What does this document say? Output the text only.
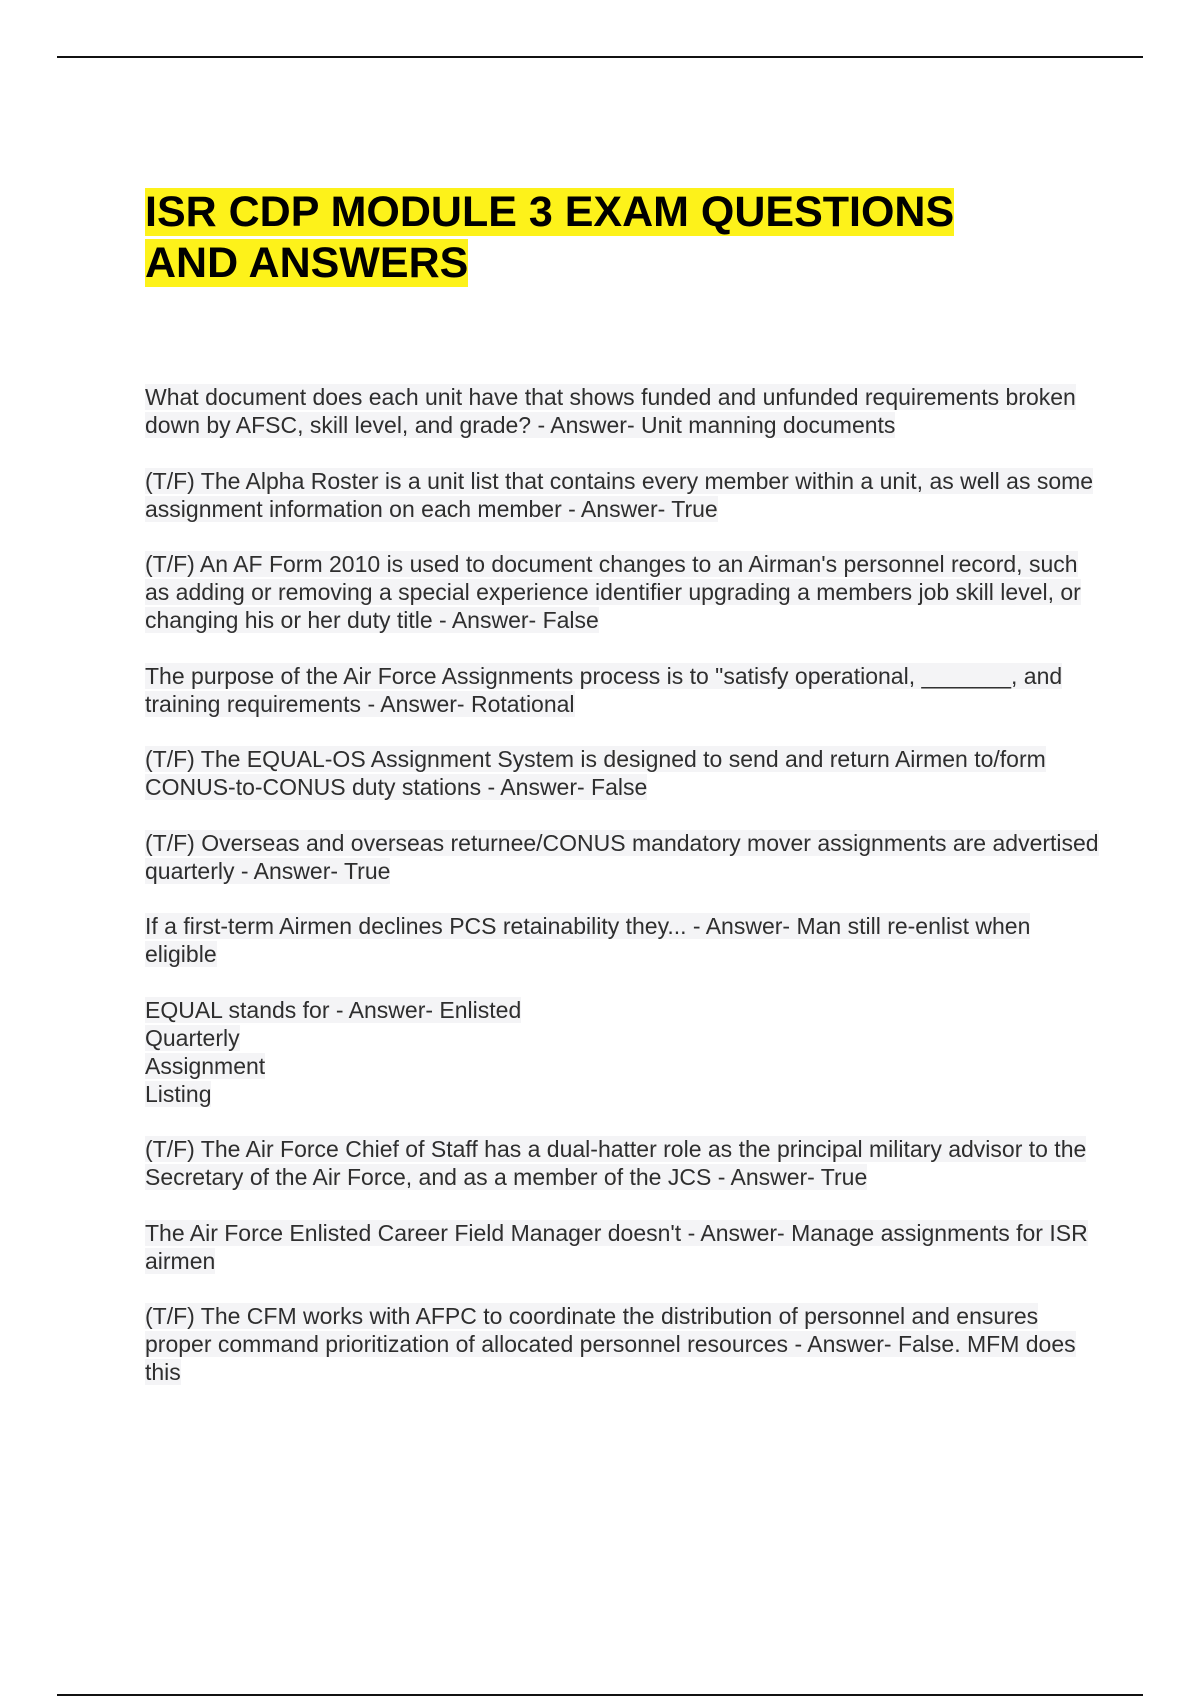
ISR CDP MODULE 3 EXAM QUESTIONS AND ANSWERS
What document does each unit have that shows funded and unfunded requirements broken down by AFSC, skill level, and grade? - Answer- Unit manning documents
(T/F) The Alpha Roster is a unit list that contains every member within a unit, as well as some assignment information on each member - Answer- True
(T/F) An AF Form 2010 is used to document changes to an Airman's personnel record, such as adding or removing a special experience identifier upgrading a members job skill level, or changing his or her duty title - Answer- False
The purpose of the Air Force Assignments process is to "satisfy operational, _______, and training requirements - Answer- Rotational
(T/F) The EQUAL-OS Assignment System is designed to send and return Airmen to/form CONUS-to-CONUS duty stations - Answer- False
(T/F) Overseas and overseas returnee/CONUS mandatory mover assignments are advertised quarterly - Answer- True
If a first-term Airmen declines PCS retainability they... - Answer- Man still re-enlist when eligible
EQUAL stands for - Answer- Enlisted
Quarterly
Assignment
Listing
(T/F) The Air Force Chief of Staff has a dual-hatter role as the principal military advisor to the Secretary of the Air Force, and as a member of the JCS - Answer- True
The Air Force Enlisted Career Field Manager doesn't - Answer- Manage assignments for ISR airmen
(T/F) The CFM works with AFPC to coordinate the distribution of personnel and ensures proper command prioritization of allocated personnel resources - Answer- False. MFM does this
